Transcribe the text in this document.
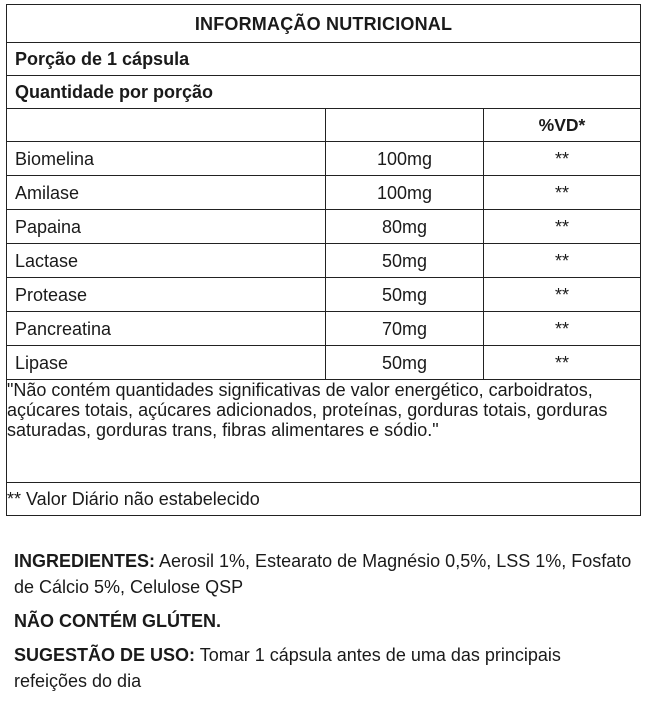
INFORMAÇÃO NUTRICIONAL		
Porção de 1 cápsula		
Quantidade por porção		
		%VD*
Biomelina	100mg	**
Amilase	100mg	**
Papaina	80mg	**
Lactase	50mg	**
Protease	50mg	**
Pancreatina	70mg	**
Lipase	50mg	**
"Não contém quantidades significativas de valor energético, carboidratos, açúcares totais, açúcares adicionados, proteínas, gorduras totais, gorduras saturadas, gorduras trans, fibras alimentares e sódio."		
** Valor Diário não estabelecido		

INGREDIENTES: Aerosil 1%, Estearato de Magnésio 0,5%, LSS 1%, Fosfato de Cálcio 5%, Celulose QSP

NÃO CONTÉM GLÚTEN.

SUGESTÃO DE USO: Tomar 1 cápsula antes de uma das principais refeições do dia
